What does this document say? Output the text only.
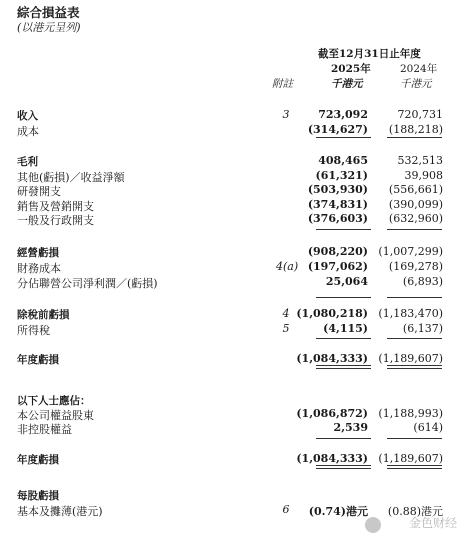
綜合損益表
(以港元呈列)
截至12月31日止年度
2025年	2024年
附註	千港元	千港元
收入	3	723,092	720,731
成本	(314,627) (188,218)
毛利	408,465	532,513
其他(虧損)／收益淨額	(61,321)	39,908
研發開支	(503,930) (556,661)
銷售及營銷開支	(374,831) (390,099)
一般及行政開支	(376,603) (632,960)
經營虧損	(908,220) (1,007,299)
財務成本	4(a) (197,062) (169,278)
分佔聯營公司淨利潤／(虧損)	25,064	(6,893)
除稅前虧損	4 (1,080,218) (1,183,470)
所得稅	5	(4,115)	(6,137)
年度虧損	(1,084,333) (1,189,607)
以下人士應佔：
本公司權益股東	(1,086,872) (1,188,993)
非控股權益	2,539	(614)
年度虧損	(1,084,333) (1,189,607)
每股虧損
基本及攤薄(港元)	6	(0.74)港元 (0.88)港元
金色财经
